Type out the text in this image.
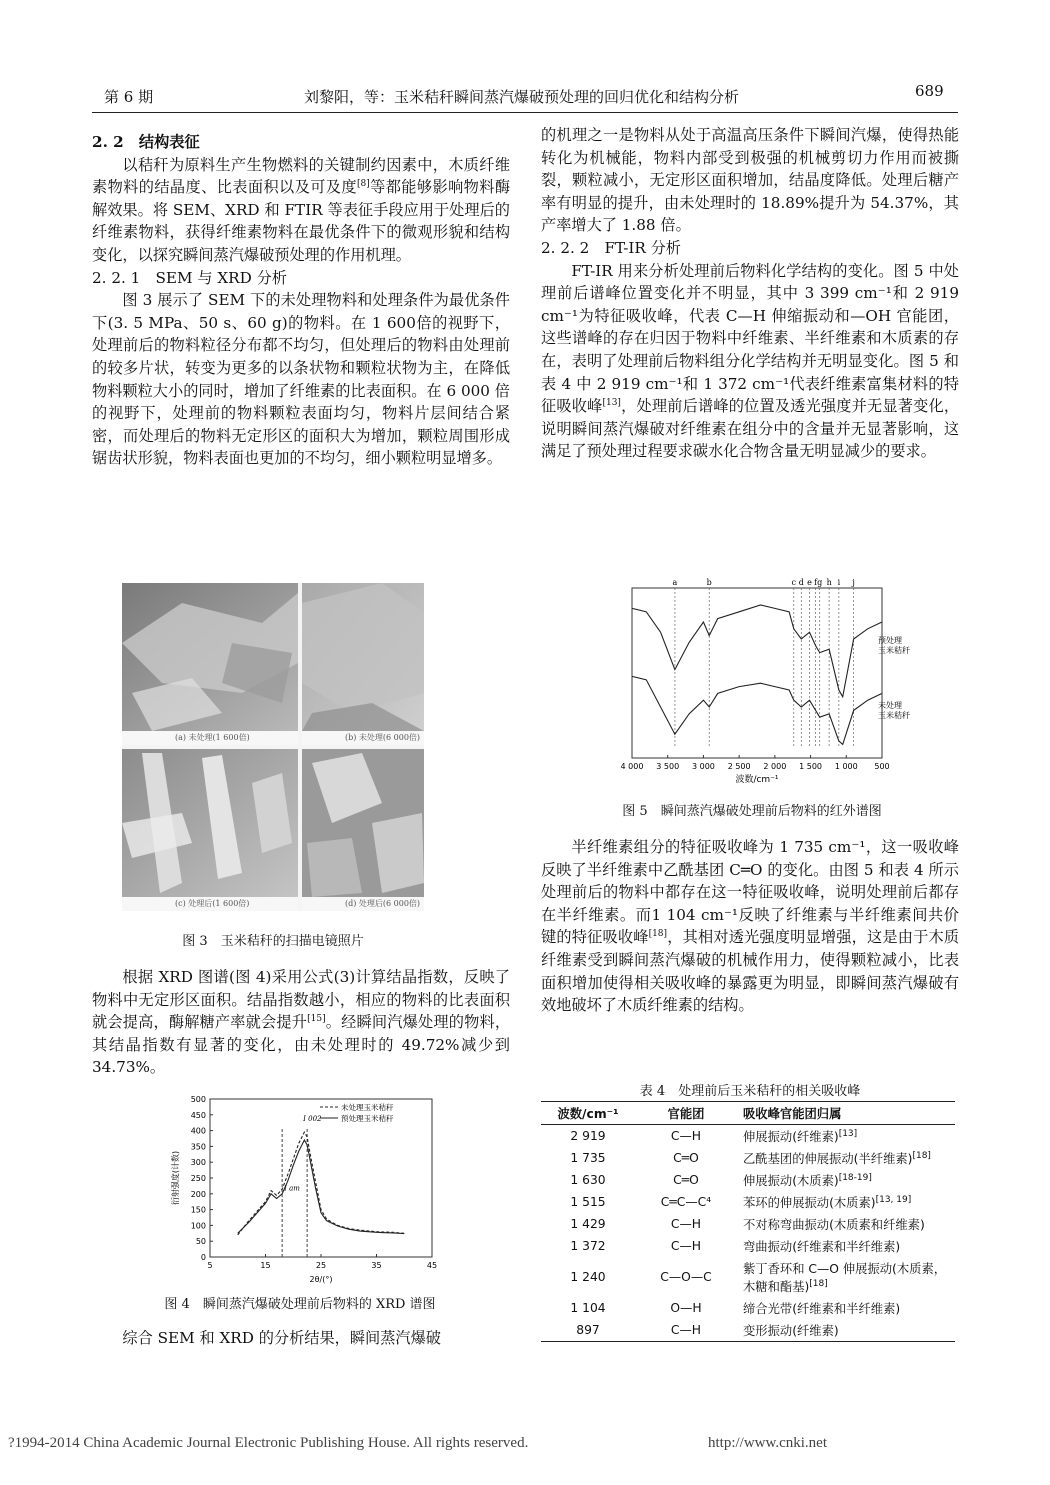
第 6 期	刘黎阳，等：玉米秸秆瞬间蒸汽爆破预处理的回归优化和结构分析	689

2. 2　结构表征

以秸秆为原料生产生物燃料的关键制约因素中，木质纤维素物料的结晶度、比表面积以及可及度[8]等都能够影响物料酶解效果。将 SEM、XRD 和 FTIR 等表征手段应用于处理后的纤维素物料，获得纤维素物料在最优条件下的微观形貌和结构变化，以探究瞬间蒸汽爆破预处理的作用机理。

2. 2. 1　SEM 与 XRD 分析

图 3 展示了 SEM 下的未处理物料和处理条件为最优条件下(3. 5 MPa、50 s、60 g)的物料。在 1 600倍的视野下，处理前后的物料粒径分布都不均匀，但处理后的物料由处理前的较多片状，转变为更多的以条状物和颗粒状物为主，在降低物料颗粒大小的同时，增加了纤维素的比表面积。在 6 000 倍的视野下，处理前的物料颗粒表面均匀，物料片层间结合紧密，而处理后的物料无定形区的面积大为增加，颗粒周围形成锯齿状形貌，物料表面也更加的不均匀，细小颗粒明显增多。

(a) 未处理(1 600倍)	(b) 未处理(6 000倍)
(c) 处理后(1 600倍)	(d) 处理后(6 000倍)
图 3　玉米秸秆的扫描电镜照片

根据 XRD 图谱(图 4)采用公式(3)计算结晶指数，反映了物料中无定形区面积。结晶指数越小，相应的物料的比表面积就会提高，酶解糖产率就会提升[15]。经瞬间汽爆处理的物料，其结晶指数有显著的变化，由未处理时的 49.72%减少到 34.73%。

0
50
100
150
200
250
300
350
400
450
500
5	15	25	35	45
2θ/(°)
衍射强度(计数)	I am
I 002
未处理玉米秸秆
预处理玉米秸秆
图 4　瞬间蒸汽爆破处理前后物料的 XRD 谱图

综合 SEM 和 XRD 的分析结果，瞬间蒸汽爆破

的机理之一是物料从处于高温高压条件下瞬间汽爆，使得热能转化为机械能，物料内部受到极强的机械剪切力作用而被撕裂，颗粒减小，无定形区面积增加，结晶度降低。处理后糖产率有明显的提升，由未处理时的 18.89%提升为 54.37%，其产率增大了 1.88 倍。

2. 2. 2　FT-IR 分析

FT-IR 用来分析处理前后物料化学结构的变化。图 5 中处理前后谱峰位置变化并不明显，其中 3 399 cm⁻¹和 2 919 cm⁻¹为特征吸收峰，代表 C—H 伸缩振动和—OH 官能团，这些谱峰的存在归因于物料中纤维素、半纤维素和木质素的存在，表明了处理前后物料组分化学结构并无明显变化。图 5 和表 4 中 2 919 cm⁻¹和 1 372 cm⁻¹代表纤维素富集材料的特征吸收峰[13]，处理前后谱峰的位置及透光强度并无显著变化，说明瞬间蒸汽爆破对纤维素在组分中的含量并无显著影响，这满足了预处理过程要求碳水化合物含量无明显减少的要求。

4 000 3 500 3 000 2 500 2 000 1 500 1 000 500
波数/cm⁻¹
a	b	c d e f g h i j
预处理
玉米秸秆
未处理
玉米秸秆
图 5　瞬间蒸汽爆破处理前后物料的红外谱图

半纤维素组分的特征吸收峰为 1 735 cm⁻¹，这一吸收峰反映了半纤维素中乙酰基团 C═O 的变化。由图 5 和表 4 所示处理前后的物料中都存在这一特征吸收峰，说明处理前后都存在半纤维素。而1 104 cm⁻¹反映了纤维素与半纤维素间共价键的特征吸收峰[18]，其相对透光强度明显增强，这是由于木质纤维素受到瞬间蒸汽爆破的机械作用力，使得颗粒减小，比表面积增加使得相关吸收峰的暴露更为明显，即瞬间蒸汽爆破有效地破坏了木质纤维素的结构。

表 4　处理前后玉米秸秆的相关吸收峰
波数/cm⁻¹	官能团	吸收峰官能团归属
2 919	C—H	伸展振动(纤维素)[13]
1 735	C═O	乙酰基团的伸展振动(半纤维素)[18]
1 630	C═O	伸展振动(木质素)[18-19]
1 515	C═C—C⁴	苯环的伸展振动(木质素)[13, 19]
1 429	C—H	不对称弯曲振动(木质素和纤维素)
1 372	C—H	弯曲振动(纤维素和半纤维素)
1 240	C—O—C	紫丁香环和 C—O 伸展振动(木质素，木糖和酯基)[18]
1 104	O—H	缔合光带(纤维素和半纤维素)
897	C—H	变形振动(纤维素)
?1994-2014 China Academic Journal Electronic Publishing House. All rights reserved.	http://www.cnki.net
